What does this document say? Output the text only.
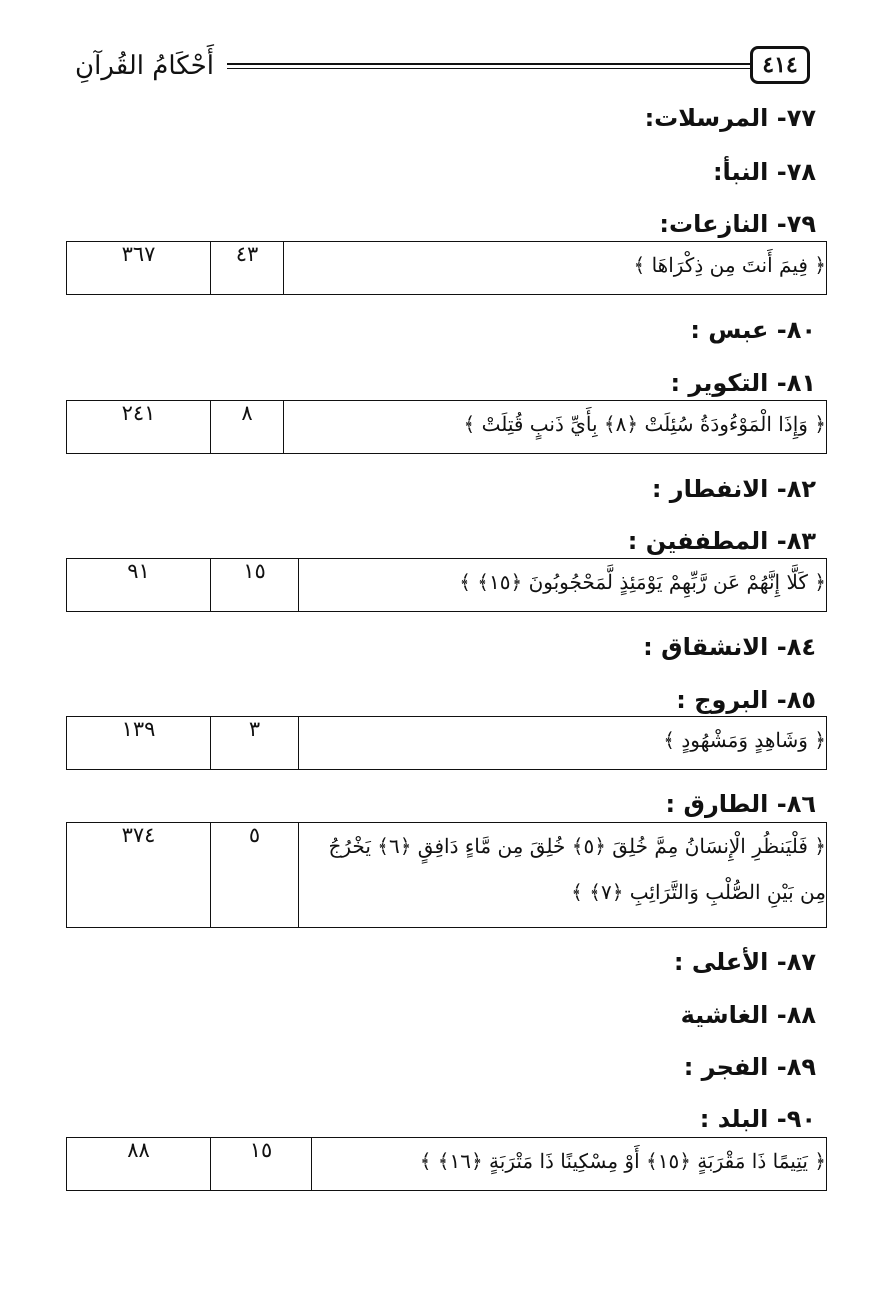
أَحْكَامُ القُرآنِ	٤١٤
٧٧- المرسلات:
٧٨- النبأ:
٧٩- النازعات:
٣٦٧	٤٣	﴿ فِيمَ أَنتَ مِن ذِكْرَاهَا ﴾
٨٠- عبس :
٨١- التكوير :
٢٤١	٨	﴿ وَإِذَا الْمَوْءُودَةُ سُئِلَتْ ﴿٨﴾ بِأَيِّ ذَنبٍ قُتِلَتْ ﴾
٨٢- الانفطار :
٨٣- المطففين :
٩١	١٥	﴿ كَلَّا إِنَّهُمْ عَن رَّبِّهِمْ يَوْمَئِذٍ لَّمَحْجُوبُونَ ﴿١٥﴾ ﴾
٨٤- الانشقاق :
٨٥- البروج :
١٣٩	٣	﴿ وَشَاهِدٍ وَمَشْهُودٍ ﴾
٨٦- الطارق :
٣٧٤	٥	﴿ فَلْيَنظُرِ الْإِنسَانُ مِمَّ خُلِقَ ﴿٥﴾ خُلِقَ مِن مَّاءٍ دَافِقٍ ﴿٦﴾ يَخْرُجُ مِن بَيْنِ الصُّلْبِ وَالتَّرَائِبِ ﴿٧﴾ ﴾
٨٧- الأعلى :
٨٨- الغاشية
٨٩- الفجر :
٩٠- البلد :
٨٨	١٥	﴿ يَتِيمًا ذَا مَقْرَبَةٍ ﴿١٥﴾ أَوْ مِسْكِينًا ذَا مَتْرَبَةٍ ﴿١٦﴾ ﴾
